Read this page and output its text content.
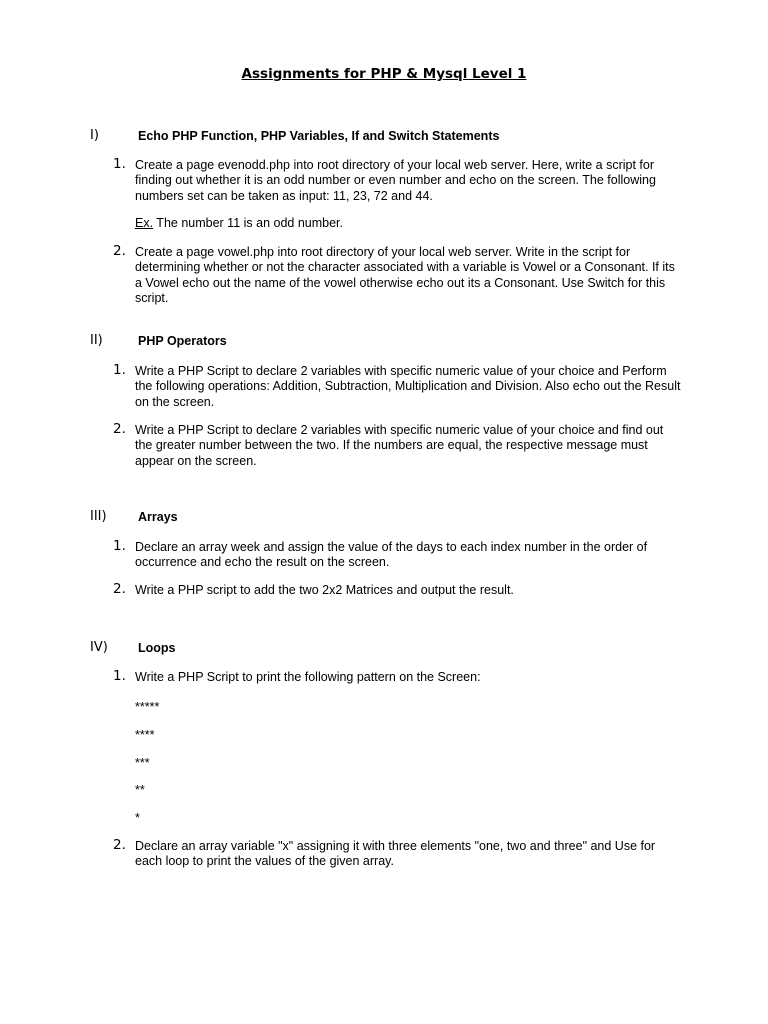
Assignments for PHP & Mysql Level 1
I)	Echo PHP Function, PHP Variables, If and Switch Statements
1. Create a page evenodd.php into root directory of your local web server. Here, write a script for finding out whether it is an odd number or even number and echo on the screen. The following numbers set can be taken as input: 11, 23, 72 and 44.
Ex. The number 11 is an odd number.
2. Create a page vowel.php into root directory of your local web server. Write in the script for determining whether or not the character associated with a variable is Vowel or a Consonant. If its a Vowel echo out the name of the vowel otherwise echo out its a Consonant. Use Switch for this script.
II)	PHP Operators
1. Write a PHP Script to declare 2 variables with specific numeric value of your choice and Perform the following operations: Addition, Subtraction, Multiplication and Division. Also echo out the Result on the screen.
2. Write a PHP Script to declare 2 variables with specific numeric value of your choice and find out the greater number between the two. If the numbers are equal, the respective message must appear on the screen.
III)	Arrays
1. Declare an array week and assign the value of the days to each index number in the order of occurrence and echo the result on the screen.
2. Write a PHP script to add the two 2x2 Matrices and output the result.
IV) Loops
1. Write a PHP Script to print the following pattern on the Screen:
*****
****
***
**
*
2. Declare an array variable "x" assigning it with three elements "one, two and three" and Use for each loop to print the values of the given array.
